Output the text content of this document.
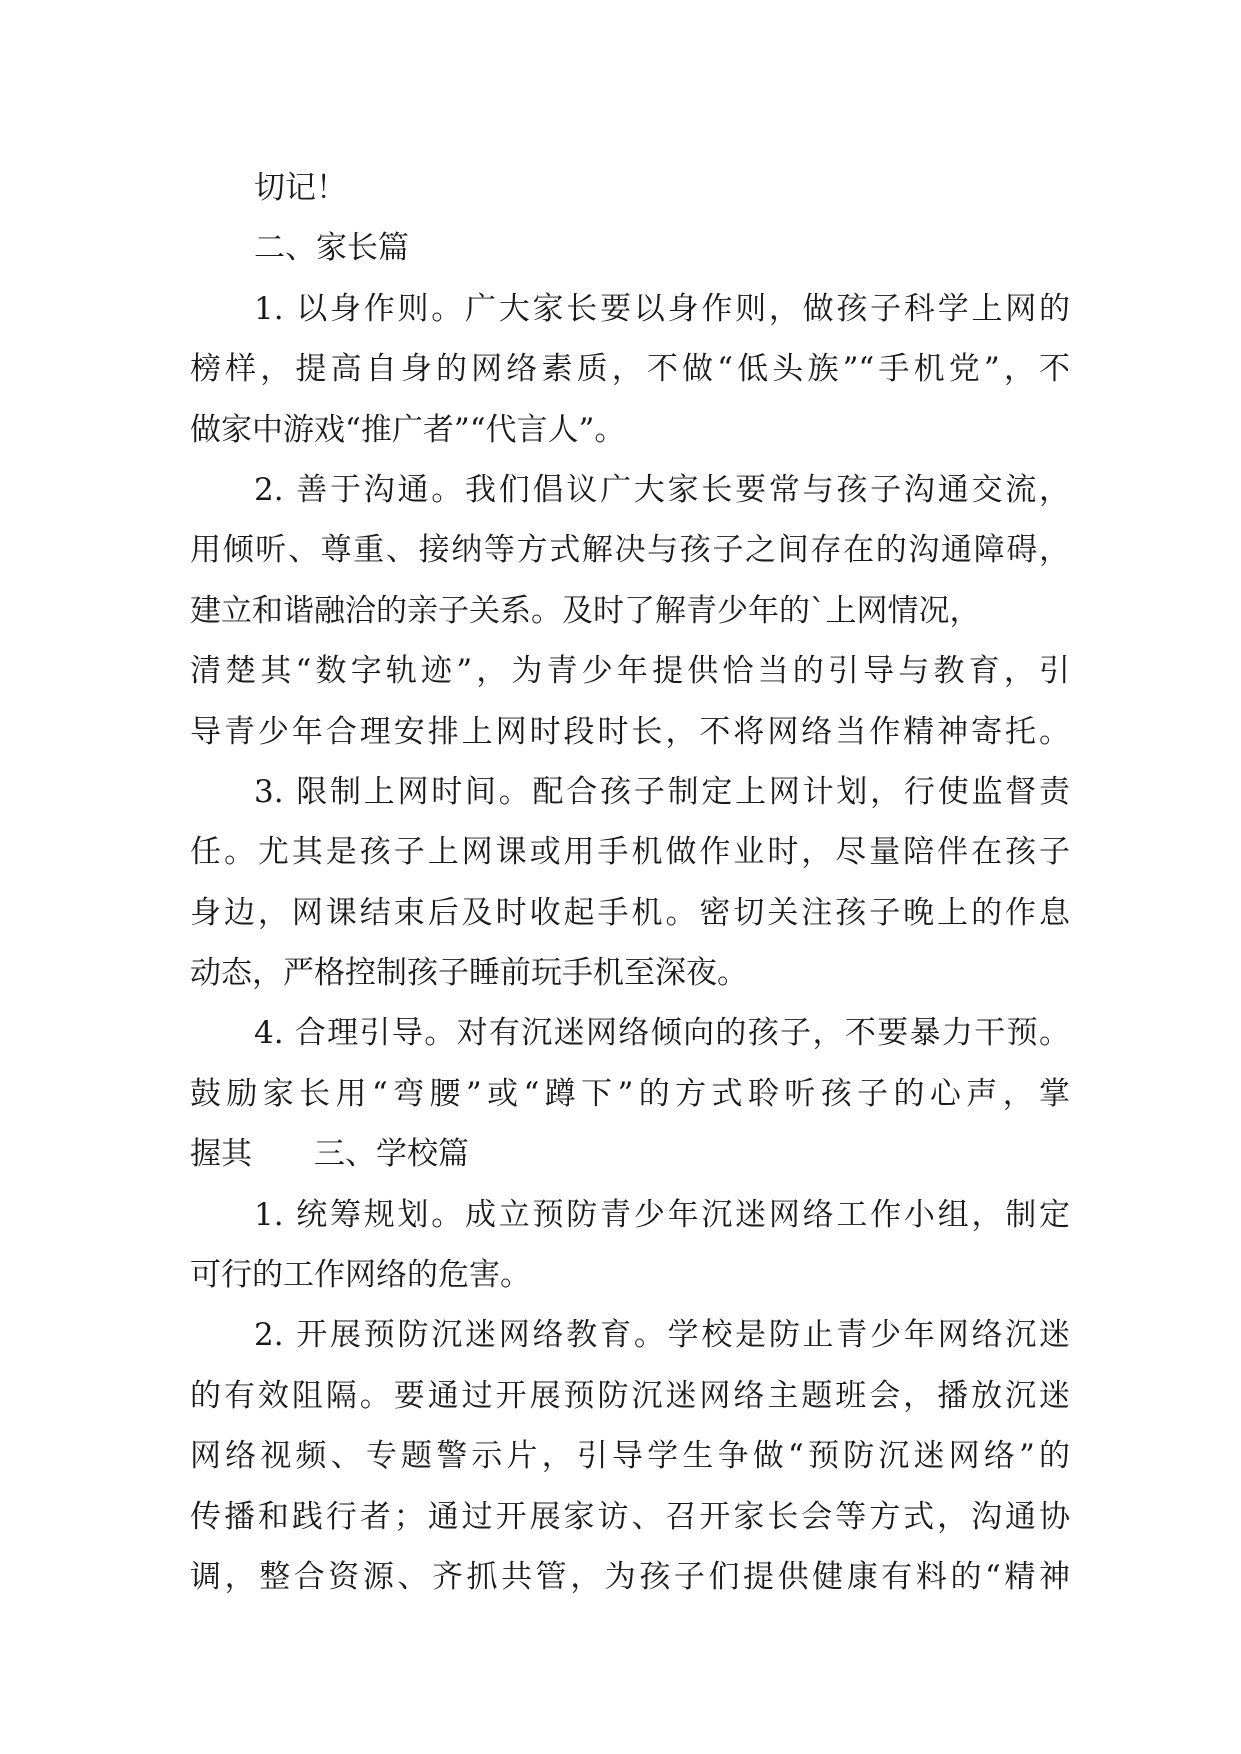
切记！
二、家长篇
1. 以身作则。广大家长要以身作则，做孩子科学上网的
榜样，提高自身的网络素质，不做“低头族”“手机党”，不
做家中游戏“推广者”“代言人”。
2. 善于沟通。我们倡议广大家长要常与孩子沟通交流，
用倾听、尊重、接纳等方式解决与孩子之间存在的沟通障碍，
建立和谐融洽的亲子关系。及时了解青少年的`上网情况，
清楚其“数字轨迹”，为青少年提供恰当的引导与教育，引
导青少年合理安排上网时段时长，不将网络当作精神寄托。
3. 限制上网时间。配合孩子制定上网计划，行使监督责
任。尤其是孩子上网课或用手机做作业时，尽量陪伴在孩子
身边，网课结束后及时收起手机。密切关注孩子晚上的作息
动态，严格控制孩子睡前玩手机至深夜。
4. 合理引导。对有沉迷网络倾向的孩子，不要暴力干预。
鼓励家长用“弯腰”或“蹲下”的方式聆听孩子的心声，掌
握其 三、学校篇
1. 统筹规划。成立预防青少年沉迷网络工作小组，制定
可行的工作网络的危害。
2. 开展预防沉迷网络教育。学校是防止青少年网络沉迷
的有效阻隔。要通过开展预防沉迷网络主题班会，播放沉迷
网络视频、专题警示片，引导学生争做“预防沉迷网络”的
传播和践行者；通过开展家访、召开家长会等方式，沟通协
调，整合资源、齐抓共管，为孩子们提供健康有料的“精神
